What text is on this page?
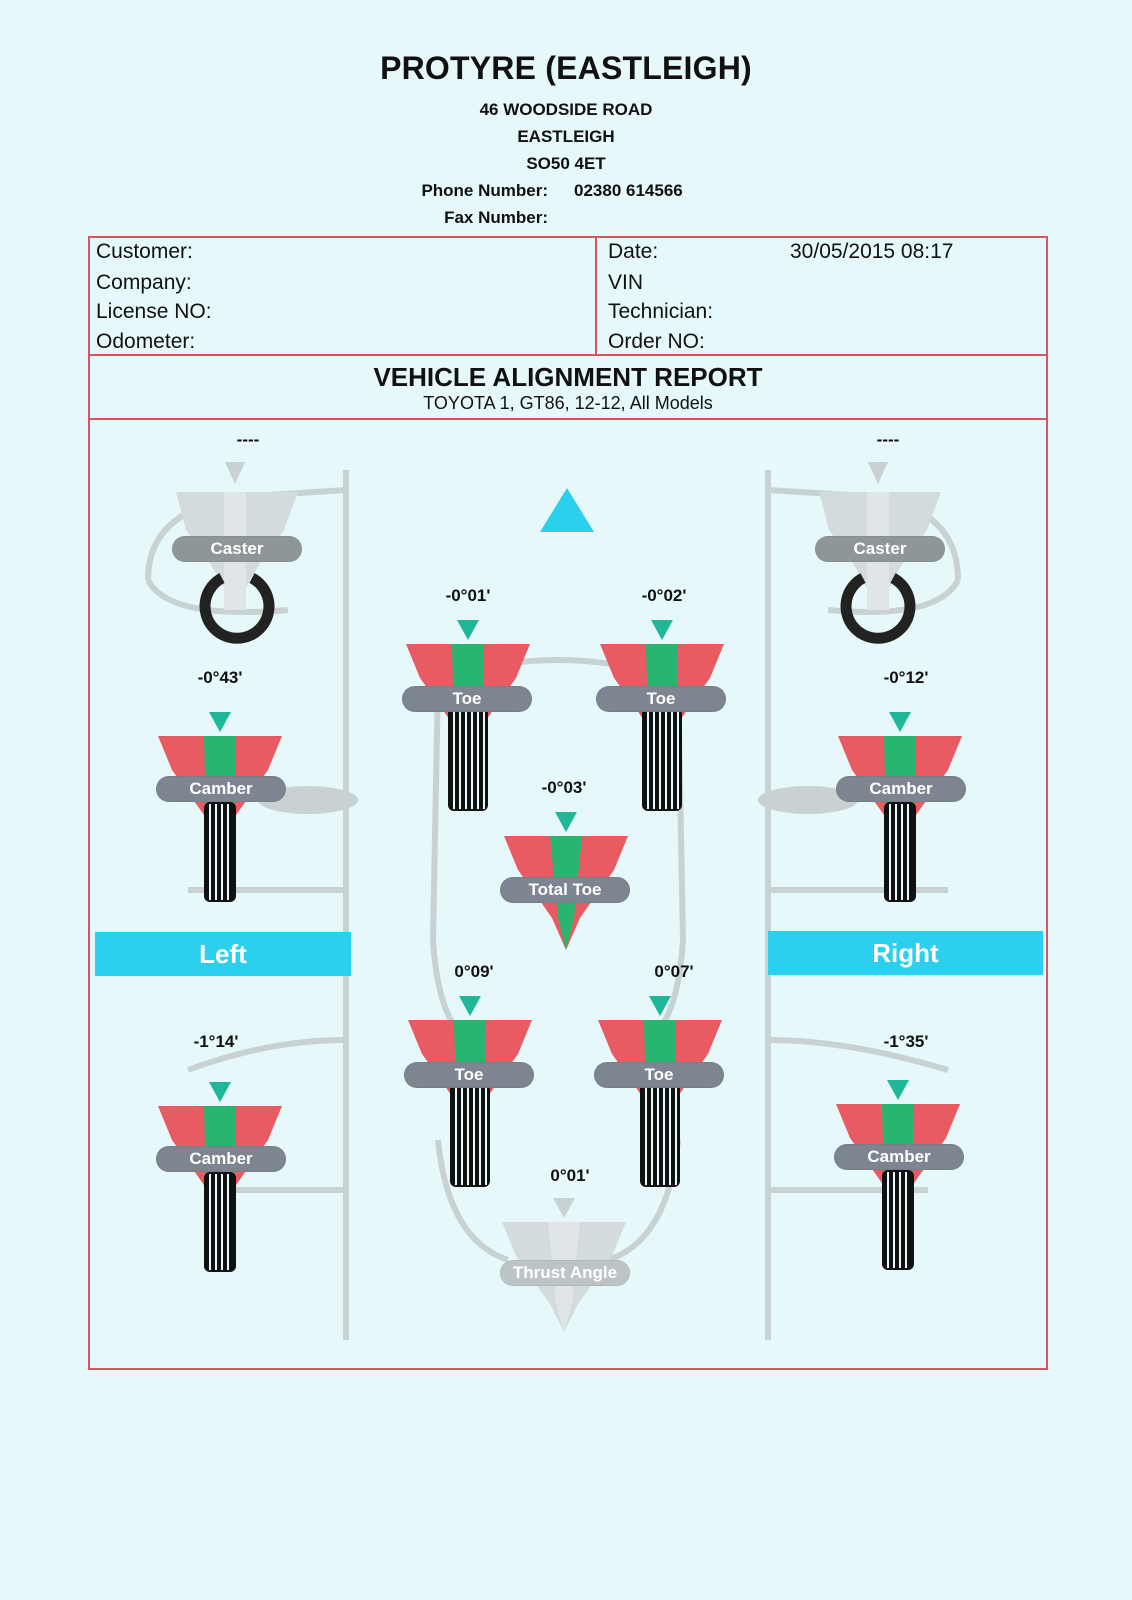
PROTYRE (EASTLEIGH)
46 WOODSIDE ROAD
EASTLEIGH
SO50 4ET
Phone Number: 02380 614566
Fax Number:
Customer:
Company:
License NO:
Odometer:
Date:	30/05/2015 08:17
VIN
Technician:
Order NO:
VEHICLE ALIGNMENT REPORT
TOYOTA 1, GT86, 12-12, All Models
Left	Right
----
Caster
----
Caster
-0°01'
Toe
-0°02'
Toe
-0°43'
Camber
-0°12'
Camber
-0°03'
Total Toe
0°09'
Toe
0°07'
Toe
-1°14'
Camber
-1°35'
Camber
0°01'
Thrust Angle
